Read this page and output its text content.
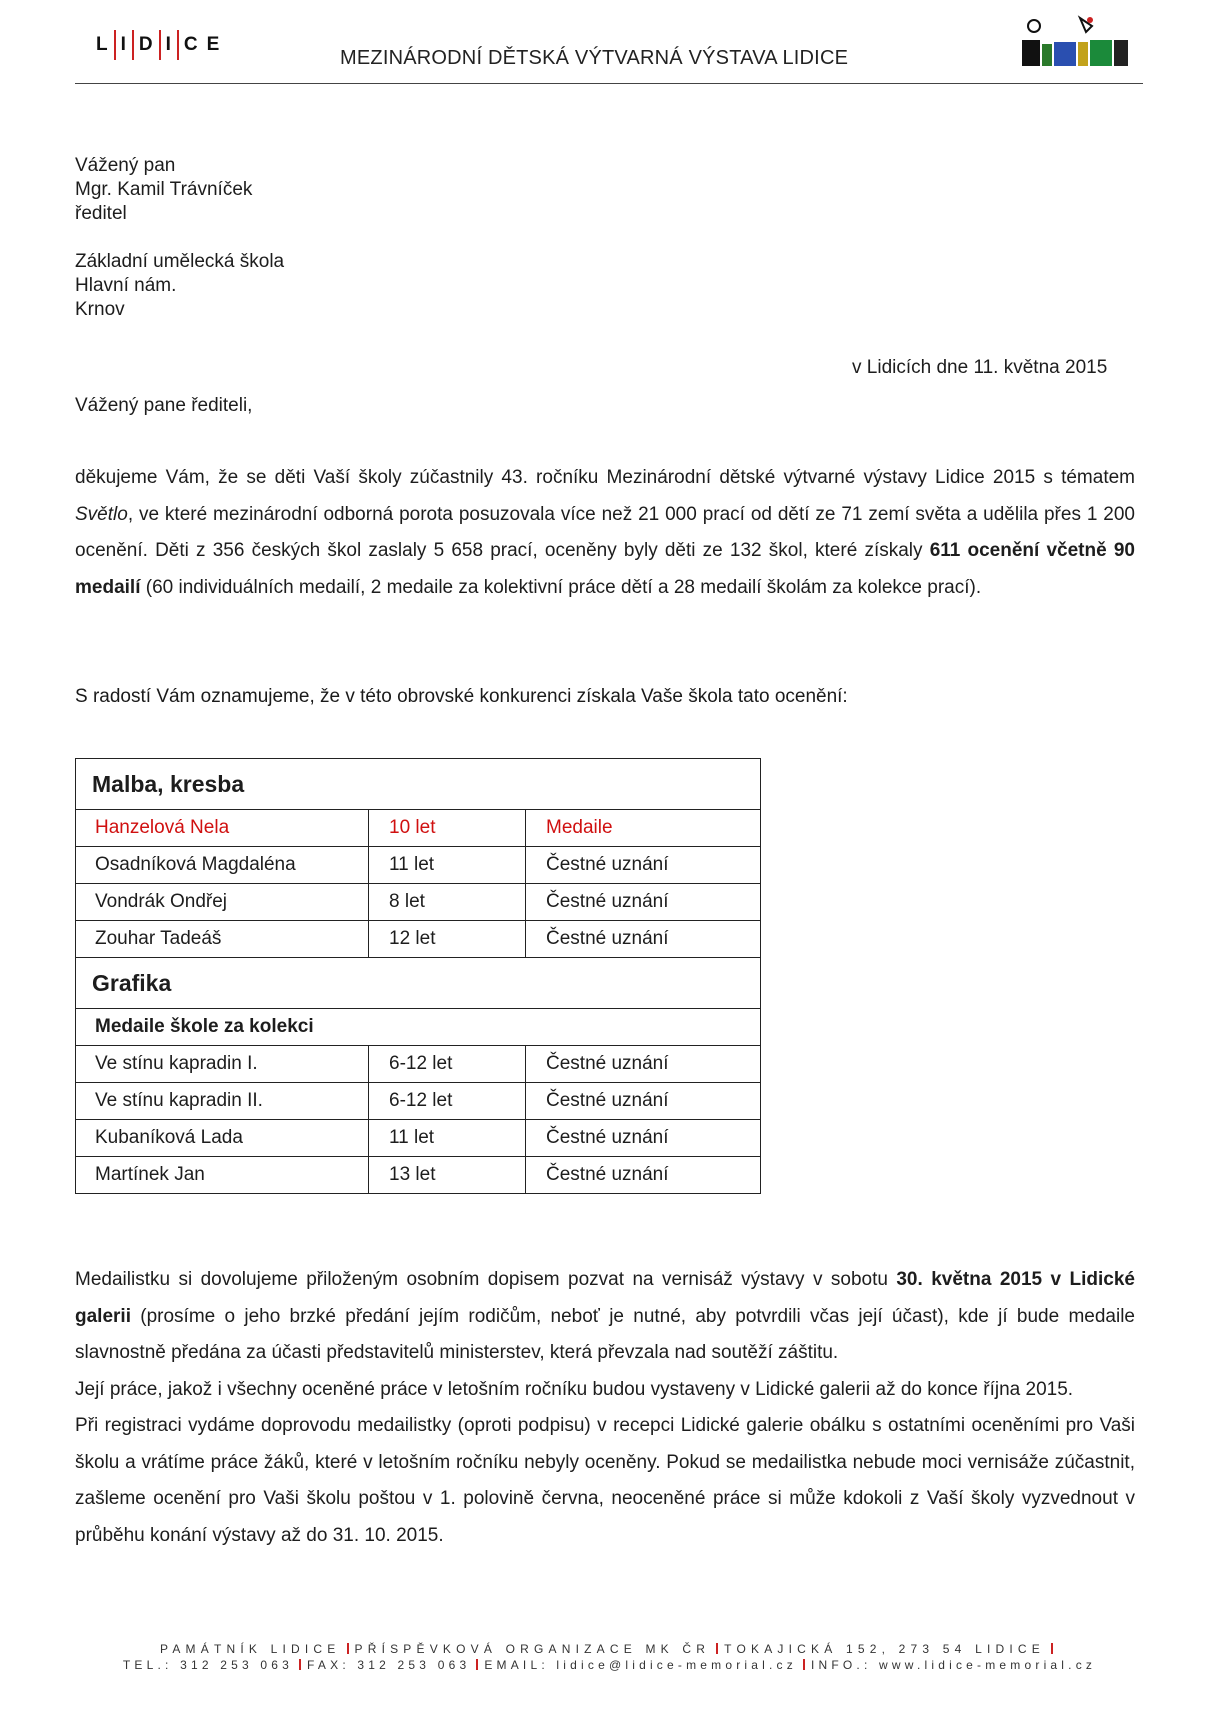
L I D I C E
MEZINÁRODNÍ DĚTSKÁ VÝTVARNÁ VÝSTAVA LIDICE
Vážený pan
Mgr. Kamil Trávníček
ředitel
Základní umělecká škola
Hlavní nám.
Krnov
v Lidicích dne 11. května 2015
Vážený pane řediteli,
děkujeme Vám, že se děti Vaší školy zúčastnily 43. ročníku Mezinárodní dětské výtvarné výstavy Lidice 2015 s tématem Světlo, ve které mezinárodní odborná porota posuzovala více než 21 000 prací od dětí ze 71 zemí světa a udělila přes 1 200 ocenění. Děti z 356 českých škol zaslaly 5 658 prací, oceněny byly děti ze 132 škol, které získaly 611 ocenění včetně 90 medailí (60 individuálních medailí, 2 medaile za kolektivní práce dětí a 28 medailí školám za kolekce prací).
S radostí Vám oznamujeme, že v této obrovské konkurenci získala Vaše škola tato ocenění:
Malba, kresba		
Hanzelová Nela	10 let	Medaile
Osadníková Magdaléna	11 let	Čestné uznání
Vondrák Ondřej	8 let	Čestné uznání
Zouhar Tadeáš	12 let	Čestné uznání
Grafika		
Medaile škole za kolekci		
Ve stínu kapradin I.	6-12 let	Čestné uznání
Ve stínu kapradin II.	6-12 let	Čestné uznání
Kubaníková Lada	11 let	Čestné uznání
Martínek Jan	13 let	Čestné uznání
Medailistku si dovolujeme přiloženým osobním dopisem pozvat na vernisáž výstavy v sobotu 30. května 2015 v Lidické galerii (prosíme o jeho brzké předání jejím rodičům, neboť je nutné, aby potvrdili včas její účast), kde jí bude medaile slavnostně předána za účasti představitelů ministerstev, která převzala nad soutěží záštitu.
Její práce, jakož i všechny oceněné práce v letošním ročníku budou vystaveny v Lidické galerii až do konce října 2015.
Při registraci vydáme doprovodu medailistky (oproti podpisu) v recepci Lidické galerie obálku s ostatními oceněními pro Vaši školu a vrátíme práce žáků, které v letošním ročníku nebyly oceněny. Pokud se medailistka nebude moci vernisáže zúčastnit, zašleme ocenění pro Vaši školu poštou v 1. polovině června, neoceněné práce si může kdokoli z Vaší školy vyzvednout v průběhu konání výstavy až do 31. 10. 2015.
PAMÁTNÍK LIDICE PŘÍSPĚVKOVÁ ORGANIZACE MK ČR TOKAJICKÁ 152, 273 54 LIDICE
TEL.: 312 253 063 FAX: 312 253 063 EMAIL: lidice@lidice-memorial.cz INFO.: www.lidice-memorial.cz
